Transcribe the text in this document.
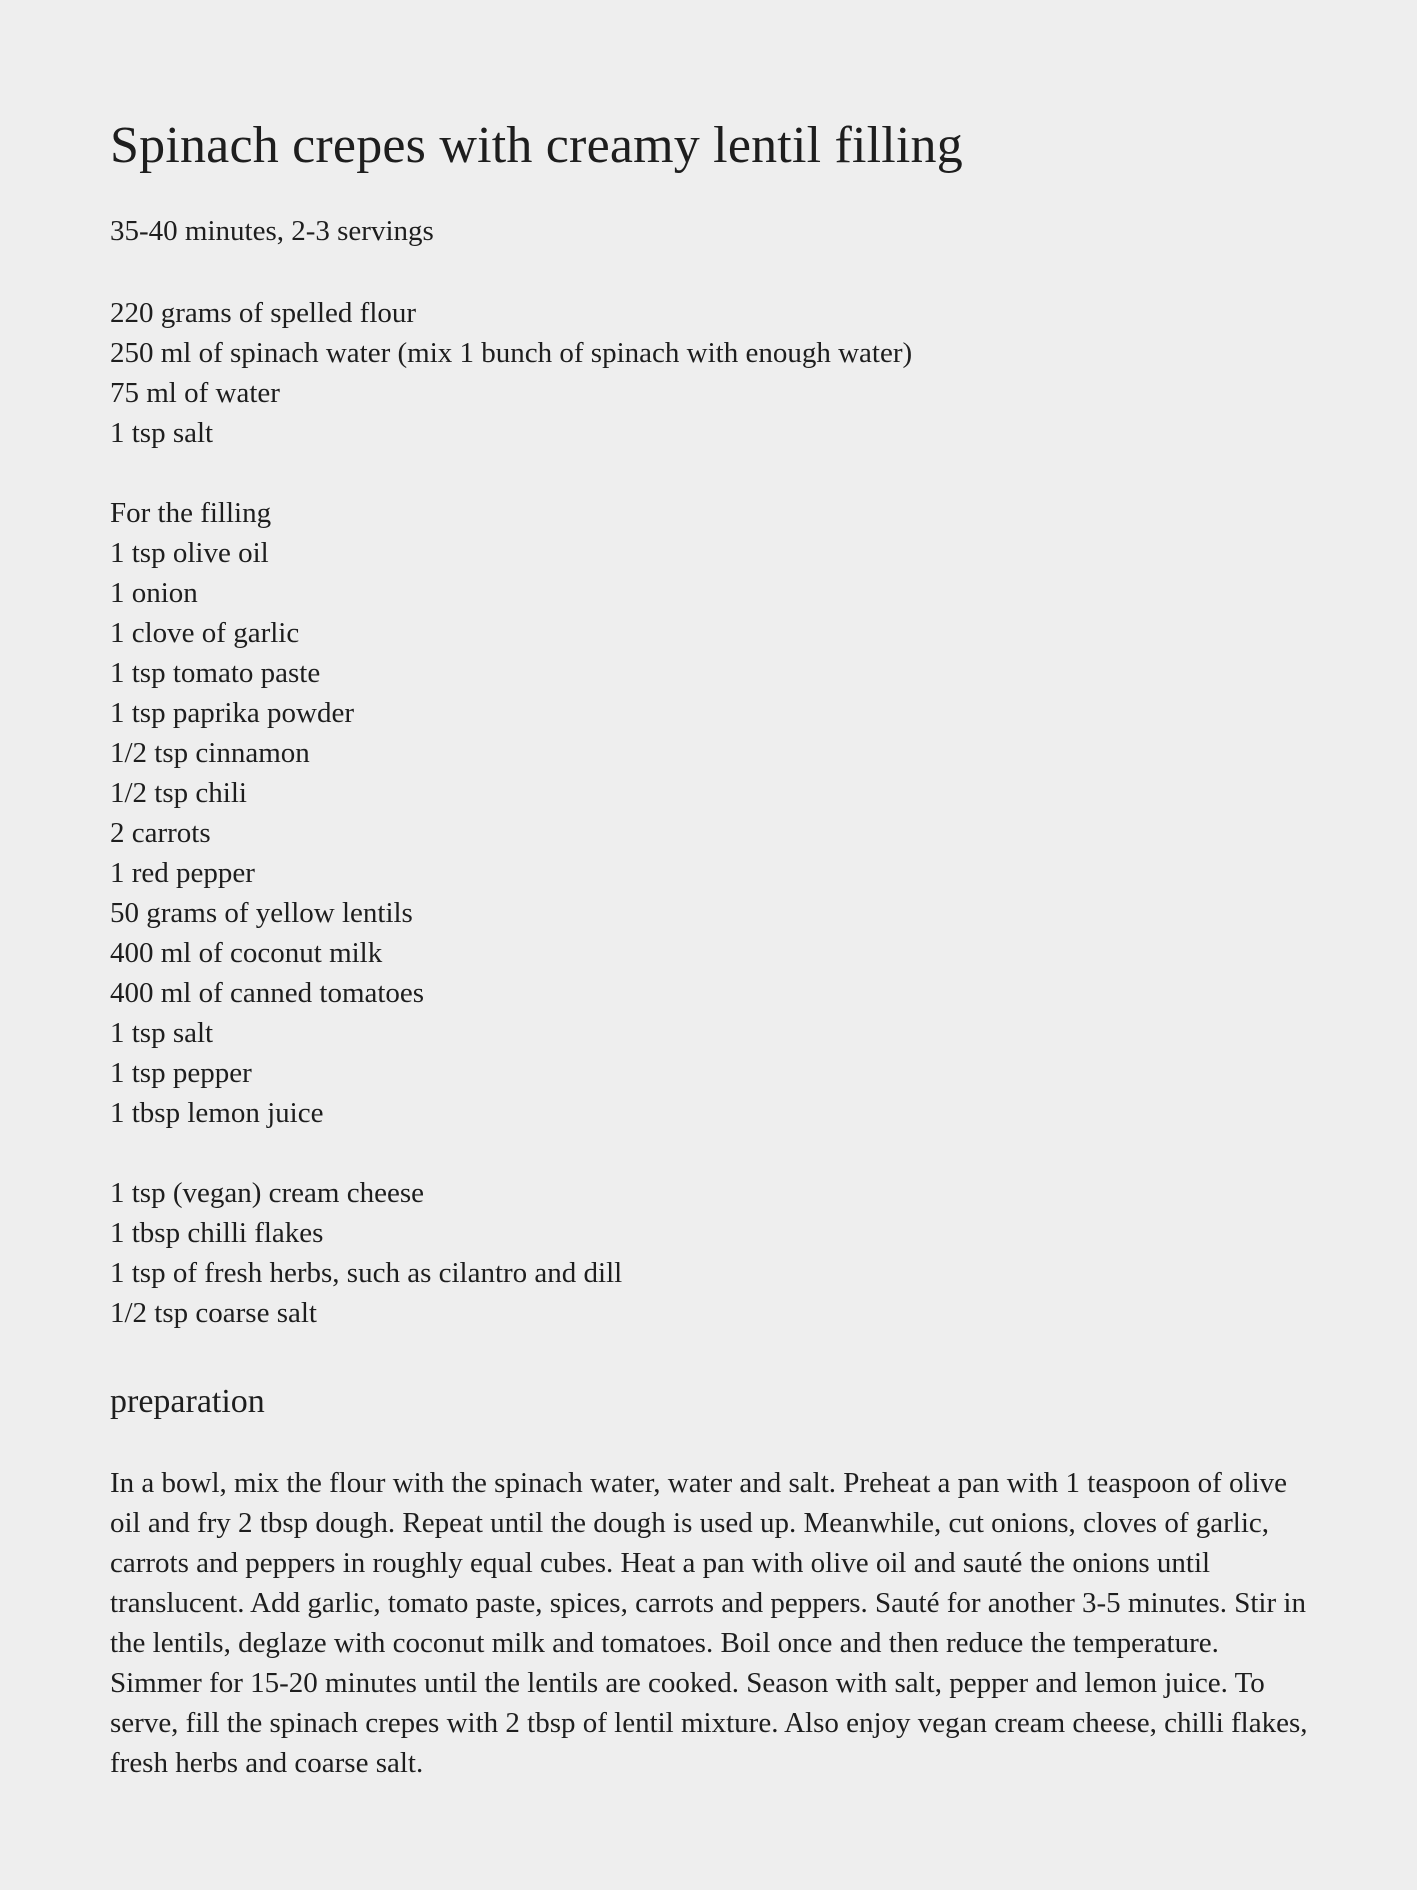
Spinach crepes with creamy lentil filling
35-40 minutes, 2-3 servings
220 grams of spelled flour
250 ml of spinach water (mix 1 bunch of spinach with enough water)
75 ml of water
1 tsp salt
For the filling
1 tsp olive oil
1 onion
1 clove of garlic
1 tsp tomato paste
1 tsp paprika powder
1/2 tsp cinnamon
1/2 tsp chili
2 carrots
1 red pepper
50 grams of yellow lentils
400 ml of coconut milk
400 ml of canned tomatoes
1 tsp salt
1 tsp pepper
1 tbsp lemon juice
1 tsp (vegan) cream cheese
1 tbsp chilli flakes
1 tsp of fresh herbs, such as cilantro and dill
1/2 tsp coarse salt
preparation

In a bowl, mix the flour with the spinach water, water and salt. Preheat a pan with 1 teaspoon of olive oil and fry 2 tbsp dough. Repeat until the dough is used up. Meanwhile, cut onions, cloves of garlic, carrots and peppers in roughly equal cubes. Heat a pan with olive oil and sauté the onions until translucent. Add garlic, tomato paste, spices, carrots and peppers. Sauté for another 3-5 minutes. Stir in the lentils, deglaze with coconut milk and tomatoes. Boil once and then reduce the temperature. Simmer for 15-20 minutes until the lentils are cooked. Season with salt, pepper and lemon juice. To serve, fill the spinach crepes with 2 tbsp of lentil mixture. Also enjoy vegan cream cheese, chilli flakes, fresh herbs and coarse salt.
